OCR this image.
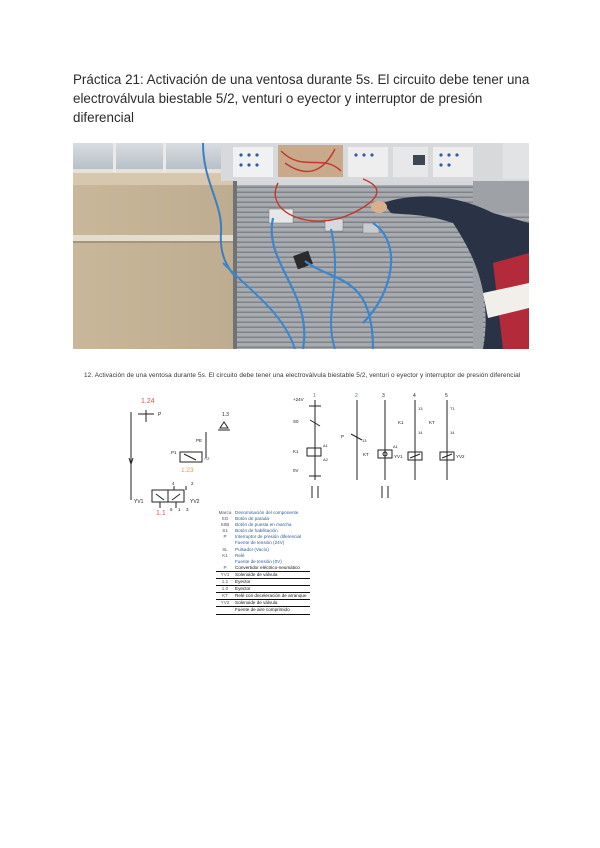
Práctica 21: Activación de una ventosa durante 5s. El circuito debe tener una electroválvula biestable 5/2, venturi o eyector y interruptor de presión diferencial
12. Activación de una ventosa durante 5s. El circuito debe tener una electroválvula biestable 5/2, venturi o eyector y interruptor de presión diferencial
1.24
P	1.3
PE
P1
A2
1.23
4	2
YV1	YV2
5 1 3
1.1
1	2	3	4	5
+24V
S0
K1
A1
A2
0V
P
13
KT
A1
13
K1
14
YV1
T1
KT
14
YV2
Marca	Denominación del componente
SO	Botón de parada
S0B	Botón de puesta en marcha
S1	Botón de habilitación
P	Interruptor de presión diferencial
	Fuente de tensión (24V)
SL	Pulsador (Vacío)
K1	Relé
	Fuente de tensión (0V)
P	Convertidor eléctrico-neumático
YV1	Solenoide de válvula
1.1	Eyector
1.0	Eyector
KT	Relé con deceleración de arranque
YV2	Solenoide de válvula
	Fuente de aire comprimido
